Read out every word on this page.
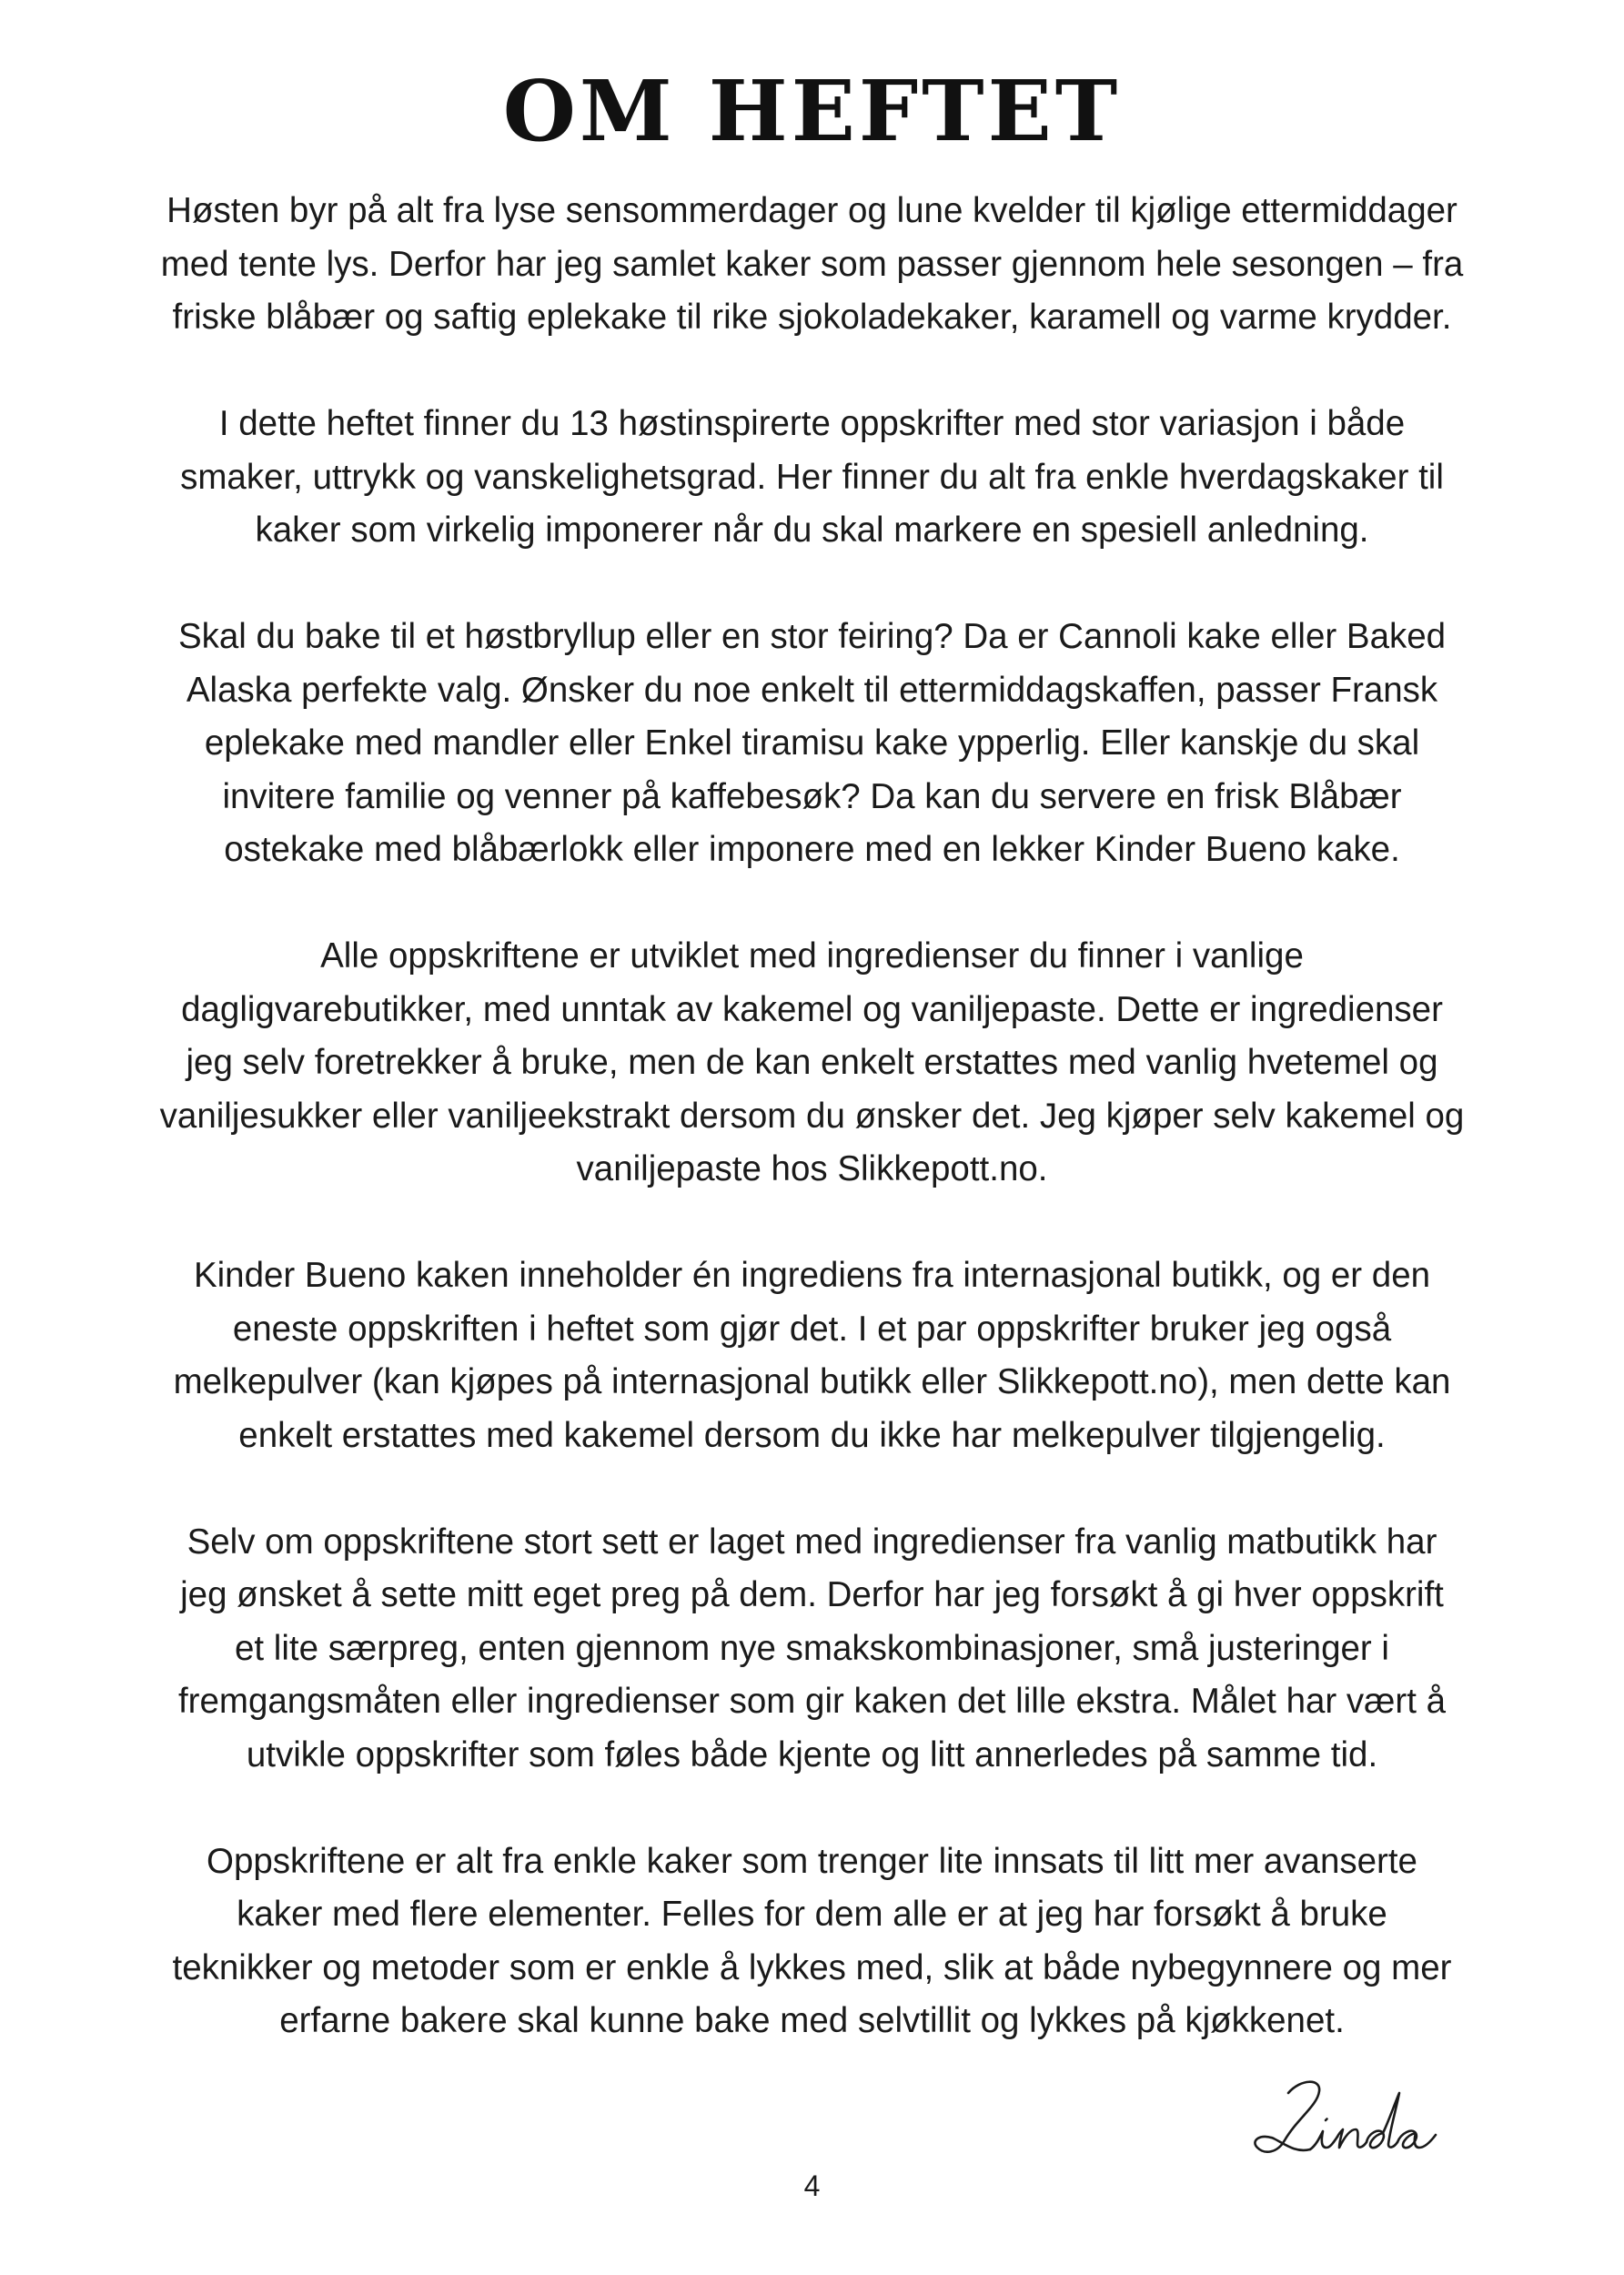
OM HEFTET

Høsten byr på alt fra lyse sensommerdager og lune kvelder til kjølige ettermiddager
med tente lys. Derfor har jeg samlet kaker som passer gjennom hele sesongen – fra
friske blåbær og saftig eplekake til rike sjokoladekaker, karamell og varme krydder.

I dette heftet finner du 13 høstinspirerte oppskrifter med stor variasjon i både
smaker, uttrykk og vanskelighetsgrad. Her finner du alt fra enkle hverdagskaker til
kaker som virkelig imponerer når du skal markere en spesiell anledning.

Skal du bake til et høstbryllup eller en stor feiring? Da er Cannoli kake eller Baked
Alaska perfekte valg. Ønsker du noe enkelt til ettermiddagskaffen, passer Fransk
eplekake med mandler eller Enkel tiramisu kake ypperlig. Eller kanskje du skal
invitere familie og venner på kaffebesøk? Da kan du servere en frisk Blåbær
ostekake med blåbærlokk eller imponere med en lekker Kinder Bueno kake.

Alle oppskriftene er utviklet med ingredienser du finner i vanlige
dagligvarebutikker, med unntak av kakemel og vaniljepaste. Dette er ingredienser
jeg selv foretrekker å bruke, men de kan enkelt erstattes med vanlig hvetemel og
vaniljesukker eller vaniljeekstrakt dersom du ønsker det. Jeg kjøper selv kakemel og
vaniljepaste hos Slikkepott.no.

Kinder Bueno kaken inneholder én ingrediens fra internasjonal butikk, og er den
eneste oppskriften i heftet som gjør det. I et par oppskrifter bruker jeg også
melkepulver (kan kjøpes på internasjonal butikk eller Slikkepott.no), men dette kan
enkelt erstattes med kakemel dersom du ikke har melkepulver tilgjengelig.

Selv om oppskriftene stort sett er laget med ingredienser fra vanlig matbutikk har
jeg ønsket å sette mitt eget preg på dem. Derfor har jeg forsøkt å gi hver oppskrift
et lite særpreg, enten gjennom nye smakskombinasjoner, små justeringer i
fremgangsmåten eller ingredienser som gir kaken det lille ekstra. Målet har vært å
utvikle oppskrifter som føles både kjente og litt annerledes på samme tid.

Oppskriftene er alt fra enkle kaker som trenger lite innsats til litt mer avanserte
kaker med flere elementer. Felles for dem alle er at jeg har forsøkt å bruke
teknikker og metoder som er enkle å lykkes med, slik at både nybegynnere og mer
erfarne bakere skal kunne bake med selvtillit og lykkes på kjøkkenet.

4
